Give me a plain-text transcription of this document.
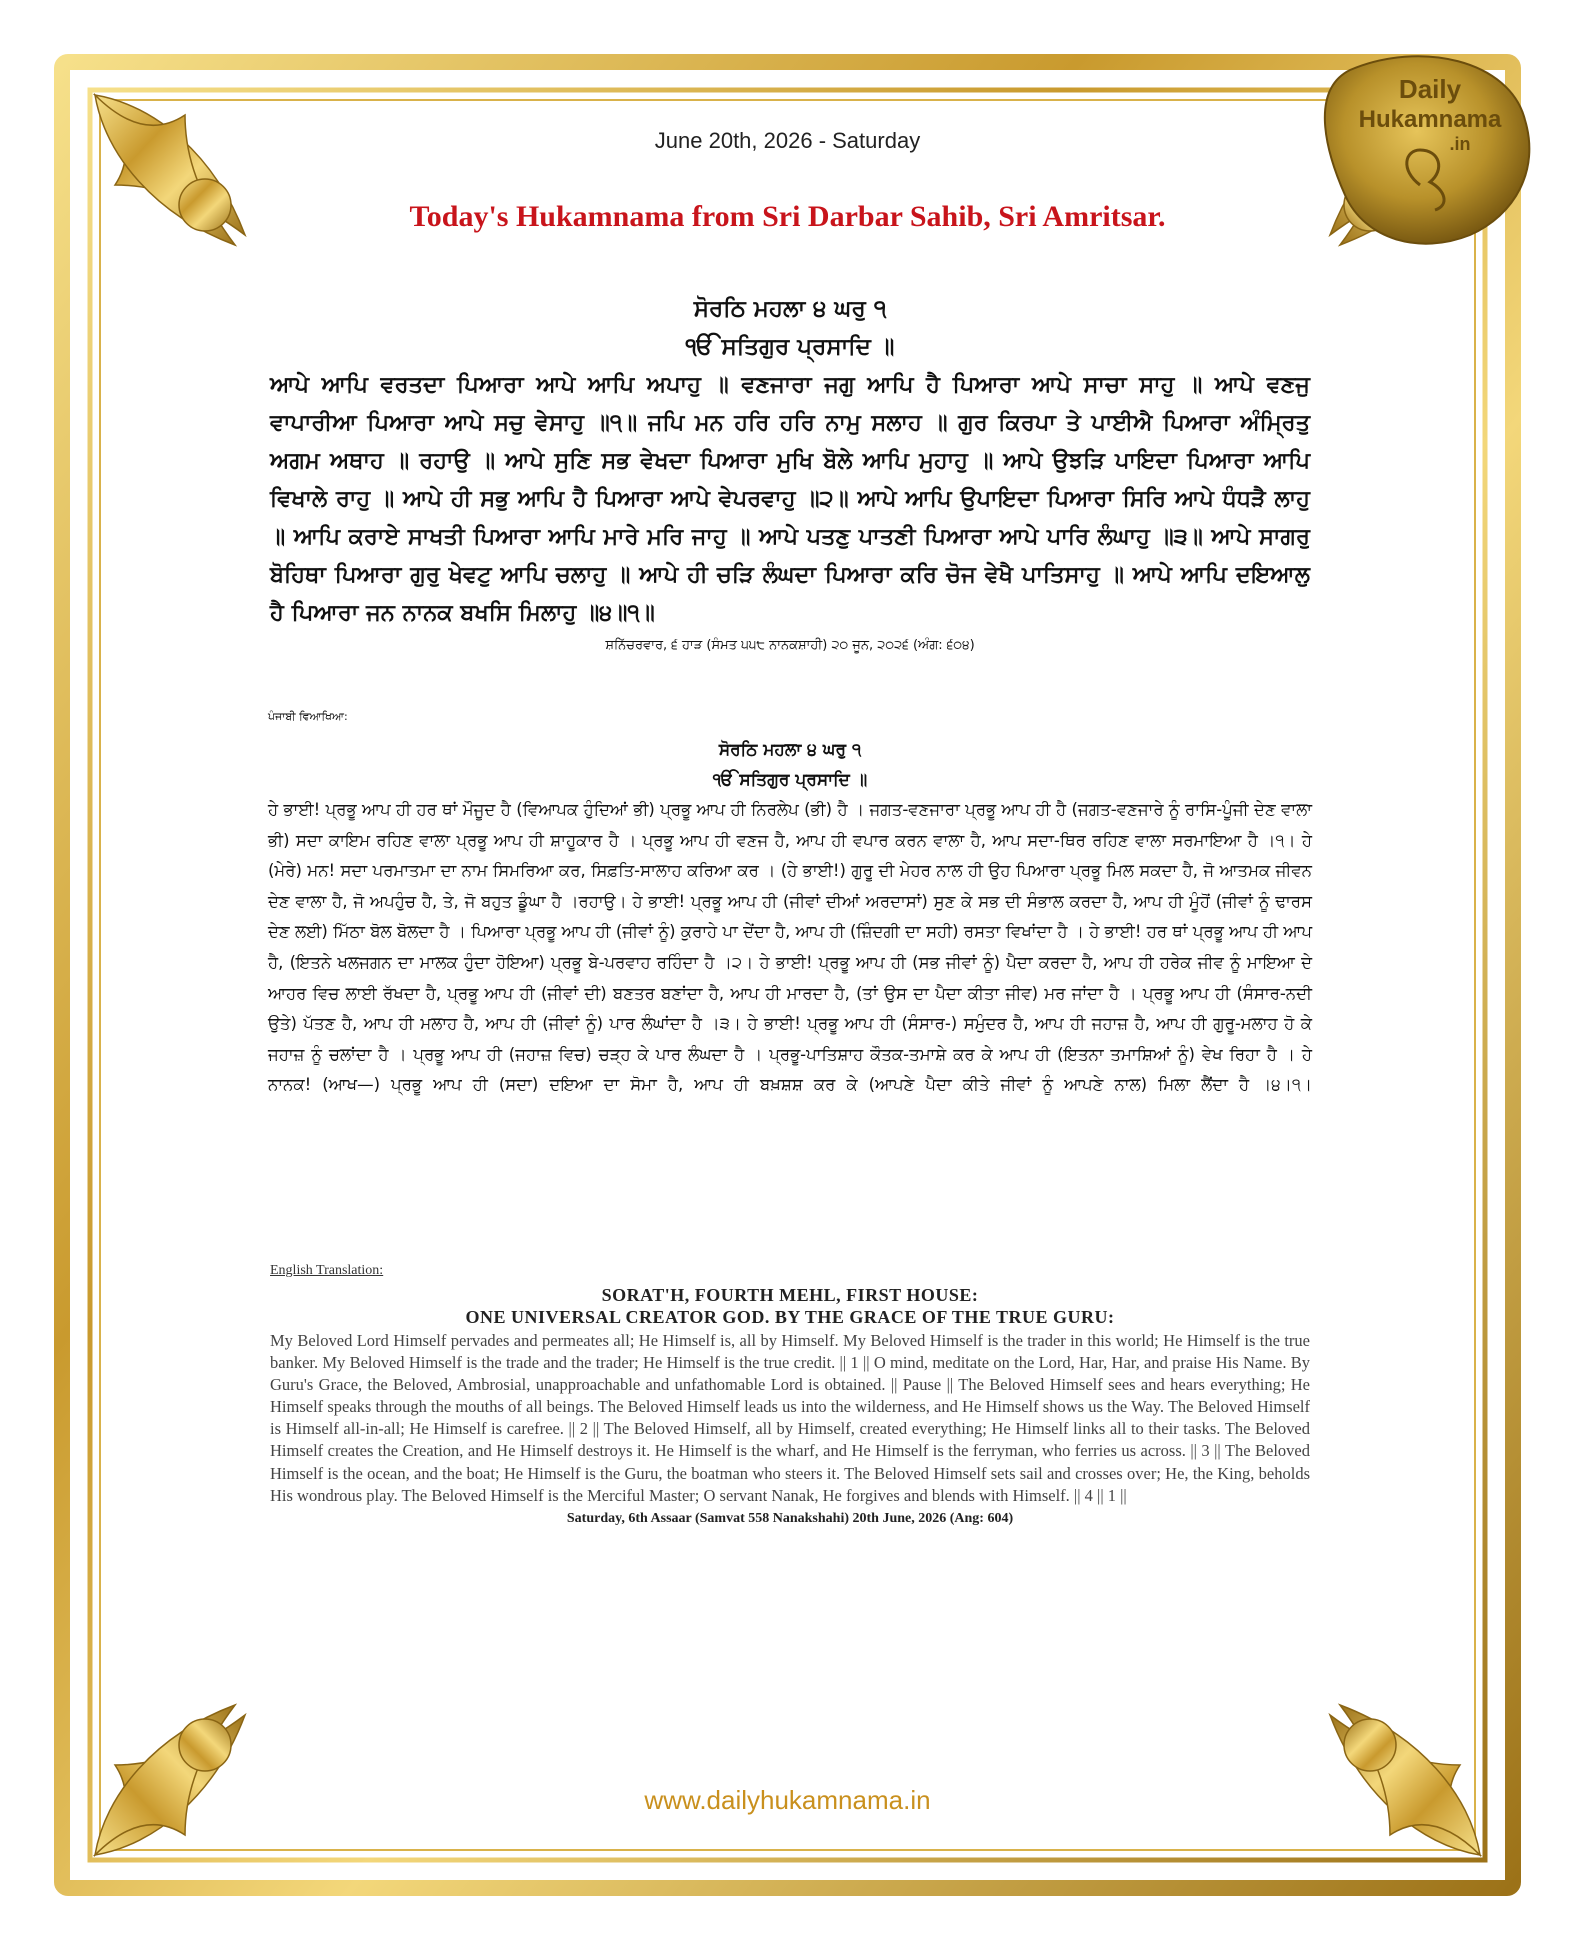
Daily
Hukamnama
.in
June 20th, 2026 - Saturday
Today's Hukamnama from Sri Darbar Sahib, Sri Amritsar.
ਸੋਰਠਿ ਮਹਲਾ ੪ ਘਰੁ ੧
ੴ ਸਤਿਗੁਰ ਪ੍ਰਸਾਦਿ ॥
ਆਪੇ ਆਪਿ ਵਰਤਦਾ ਪਿਆਰਾ ਆਪੇ ਆਪਿ ਅਪਾਹੁ ॥ ਵਣਜਾਰਾ ਜਗੁ ਆਪਿ ਹੈ ਪਿਆਰਾ ਆਪੇ ਸਾਚਾ ਸਾਹੁ ॥ ਆਪੇ ਵਣਜੁ ਵਾਪਾਰੀਆ ਪਿਆਰਾ ਆਪੇ ਸਚੁ ਵੇਸਾਹੁ ॥੧॥ ਜਪਿ ਮਨ ਹਰਿ ਹਰਿ ਨਾਮੁ ਸਲਾਹ ॥ ਗੁਰ ਕਿਰਪਾ ਤੇ ਪਾਈਐ ਪਿਆਰਾ ਅੰਮ੍ਰਿਤੁ ਅਗਮ ਅਥਾਹ ॥ ਰਹਾਉ ॥ ਆਪੇ ਸੁਣਿ ਸਭ ਵੇਖਦਾ ਪਿਆਰਾ ਮੁਖਿ ਬੋਲੇ ਆਪਿ ਮੁਹਾਹੁ ॥ ਆਪੇ ਉਝੜਿ ਪਾਇਦਾ ਪਿਆਰਾ ਆਪਿ ਵਿਖਾਲੇ ਰਾਹੁ ॥ ਆਪੇ ਹੀ ਸਭੁ ਆਪਿ ਹੈ ਪਿਆਰਾ ਆਪੇ ਵੇਪਰਵਾਹੁ ॥੨॥ ਆਪੇ ਆਪਿ ਉਪਾਇਦਾ ਪਿਆਰਾ ਸਿਰਿ ਆਪੇ ਧੰਧੜੈ ਲਾਹੁ ॥ ਆਪਿ ਕਰਾਏ ਸਾਖਤੀ ਪਿਆਰਾ ਆਪਿ ਮਾਰੇ ਮਰਿ ਜਾਹੁ ॥ ਆਪੇ ਪਤਣੁ ਪਾਤਣੀ ਪਿਆਰਾ ਆਪੇ ਪਾਰਿ ਲੰਘਾਹੁ ॥੩॥ ਆਪੇ ਸਾਗਰੁ ਬੋਹਿਥਾ ਪਿਆਰਾ ਗੁਰੁ ਖੇਵਟੁ ਆਪਿ ਚਲਾਹੁ ॥ ਆਪੇ ਹੀ ਚੜਿ ਲੰਘਦਾ ਪਿਆਰਾ ਕਰਿ ਚੋਜ ਵੇਖੈ ਪਾਤਿਸਾਹੁ ॥ ਆਪੇ ਆਪਿ ਦਇਆਲੁ ਹੈ ਪਿਆਰਾ ਜਨ ਨਾਨਕ ਬਖਸਿ ਮਿਲਾਹੁ ॥੪॥੧॥
ਸ਼ਨਿੱਚਰਵਾਰ, ੬ ਹਾੜ (ਸੰਮਤ ੫੫੮ ਨਾਨਕਸ਼ਾਹੀ) ੨੦ ਜੂਨ, ੨੦੨੬ (ਅੰਗ: ੬੦੪)
ਪੰਜਾਬੀ ਵਿਆਖਿਆ:
ਸੋਰਠਿ ਮਹਲਾ ੪ ਘਰੁ ੧
ੴ ਸਤਿਗੁਰ ਪ੍ਰਸਾਦਿ ॥
ਹੇ ਭਾਈ! ਪ੍ਰਭੂ ਆਪ ਹੀ ਹਰ ਥਾਂ ਮੌਜੂਦ ਹੈ (ਵਿਆਪਕ ਹੁੰਦਿਆਂ ਭੀ) ਪ੍ਰਭੂ ਆਪ ਹੀ ਨਿਰਲੇਪ (ਭੀ) ਹੈ । ਜਗਤ-ਵਣਜਾਰਾ ਪ੍ਰਭੂ ਆਪ ਹੀ ਹੈ (ਜਗਤ-ਵਣਜਾਰੇ ਨੂੰ ਰਾਸਿ-ਪੂੰਜੀ ਦੇਣ ਵਾਲਾ ਭੀ) ਸਦਾ ਕਾਇਮ ਰਹਿਣ ਵਾਲਾ ਪ੍ਰਭੂ ਆਪ ਹੀ ਸ਼ਾਹੂਕਾਰ ਹੈ । ਪ੍ਰਭੂ ਆਪ ਹੀ ਵਣਜ ਹੈ, ਆਪ ਹੀ ਵਪਾਰ ਕਰਨ ਵਾਲਾ ਹੈ, ਆਪ ਸਦਾ-ਥਿਰ ਰਹਿਣ ਵਾਲਾ ਸਰਮਾਇਆ ਹੈ ।੧। ਹੇ (ਮੇਰੇ) ਮਨ! ਸਦਾ ਪਰਮਾਤਮਾ ਦਾ ਨਾਮ ਸਿਮਰਿਆ ਕਰ, ਸਿਫ਼ਤਿ-ਸਾਲਾਹ ਕਰਿਆ ਕਰ । (ਹੇ ਭਾਈ!) ਗੁਰੂ ਦੀ ਮੇਹਰ ਨਾਲ ਹੀ ਉਹ ਪਿਆਰਾ ਪ੍ਰਭੂ ਮਿਲ ਸਕਦਾ ਹੈ, ਜੋ ਆਤਮਕ ਜੀਵਨ ਦੇਣ ਵਾਲਾ ਹੈ, ਜੋ ਅਪਹੁੰਚ ਹੈ, ਤੇ, ਜੋ ਬਹੁਤ ਡੂੰਘਾ ਹੈ ।ਰਹਾਉ। ਹੇ ਭਾਈ! ਪ੍ਰਭੂ ਆਪ ਹੀ (ਜੀਵਾਂ ਦੀਆਂ ਅਰਦਾਸਾਂ) ਸੁਣ ਕੇ ਸਭ ਦੀ ਸੰਭਾਲ ਕਰਦਾ ਹੈ, ਆਪ ਹੀ ਮੂੰਹੋਂ (ਜੀਵਾਂ ਨੂੰ ਢਾਰਸ ਦੇਣ ਲਈ) ਮਿੱਠਾ ਬੋਲ ਬੋਲਦਾ ਹੈ । ਪਿਆਰਾ ਪ੍ਰਭੂ ਆਪ ਹੀ (ਜੀਵਾਂ ਨੂੰ) ਕੁਰਾਹੇ ਪਾ ਦੇਂਦਾ ਹੈ, ਆਪ ਹੀ (ਜ਼ਿੰਦਗੀ ਦਾ ਸਹੀ) ਰਸਤਾ ਵਿਖਾਂਦਾ ਹੈ । ਹੇ ਭਾਈ! ਹਰ ਥਾਂ ਪ੍ਰਭੂ ਆਪ ਹੀ ਆਪ ਹੈ, (ਇਤਨੇ ਖਲਜਗਨ ਦਾ ਮਾਲਕ ਹੁੰਦਾ ਹੋਇਆ) ਪ੍ਰਭੂ ਬੇ-ਪਰਵਾਹ ਰਹਿੰਦਾ ਹੈ ।੨। ਹੇ ਭਾਈ! ਪ੍ਰਭੂ ਆਪ ਹੀ (ਸਭ ਜੀਵਾਂ ਨੂੰ) ਪੈਦਾ ਕਰਦਾ ਹੈ, ਆਪ ਹੀ ਹਰੇਕ ਜੀਵ ਨੂੰ ਮਾਇਆ ਦੇ ਆਹਰ ਵਿਚ ਲਾਈ ਰੱਖਦਾ ਹੈ, ਪ੍ਰਭੂ ਆਪ ਹੀ (ਜੀਵਾਂ ਦੀ) ਬਣਤਰ ਬਣਾਂਦਾ ਹੈ, ਆਪ ਹੀ ਮਾਰਦਾ ਹੈ, (ਤਾਂ ਉਸ ਦਾ ਪੈਦਾ ਕੀਤਾ ਜੀਵ) ਮਰ ਜਾਂਦਾ ਹੈ । ਪ੍ਰਭੂ ਆਪ ਹੀ (ਸੰਸਾਰ-ਨਦੀ ਉਤੇ) ਪੱਤਣ ਹੈ, ਆਪ ਹੀ ਮਲਾਹ ਹੈ, ਆਪ ਹੀ (ਜੀਵਾਂ ਨੂੰ) ਪਾਰ ਲੰਘਾਂਦਾ ਹੈ ।੩। ਹੇ ਭਾਈ! ਪ੍ਰਭੂ ਆਪ ਹੀ (ਸੰਸਾਰ-) ਸਮੁੰਦਰ ਹੈ, ਆਪ ਹੀ ਜਹਾਜ਼ ਹੈ, ਆਪ ਹੀ ਗੁਰੂ-ਮਲਾਹ ਹੋ ਕੇ ਜਹਾਜ਼ ਨੂੰ ਚਲਾਂਦਾ ਹੈ । ਪ੍ਰਭੂ ਆਪ ਹੀ (ਜਹਾਜ਼ ਵਿਚ) ਚੜ੍ਹ ਕੇ ਪਾਰ ਲੰਘਦਾ ਹੈ । ਪ੍ਰਭੂ-ਪਾਤਿਸ਼ਾਹ ਕੌਤਕ-ਤਮਾਸ਼ੇ ਕਰ ਕੇ ਆਪ ਹੀ (ਇਤਨਾ ਤਮਾਸ਼ਿਆਂ ਨੂੰ) ਵੇਖ ਰਿਹਾ ਹੈ । ਹੇ ਨਾਨਕ! (ਆਖ—) ਪ੍ਰਭੂ ਆਪ ਹੀ (ਸਦਾ) ਦਇਆ ਦਾ ਸੋਮਾ ਹੈ, ਆਪ ਹੀ ਬਖ਼ਸ਼ਸ਼ ਕਰ ਕੇ (ਆਪਣੇ ਪੈਦਾ ਕੀਤੇ ਜੀਵਾਂ ਨੂੰ ਆਪਣੇ ਨਾਲ) ਮਿਲਾ ਲੈਂਦਾ ਹੈ ।੪।੧।
English Translation:
SORAT'H, FOURTH MEHL, FIRST HOUSE:
ONE UNIVERSAL CREATOR GOD. BY THE GRACE OF THE TRUE GURU:
My Beloved Lord Himself pervades and permeates all; He Himself is, all by Himself. My Beloved Himself is the trader in this world; He Himself is the true banker. My Beloved Himself is the trade and the trader; He Himself is the true credit. || 1 || O mind, meditate on the Lord, Har, Har, and praise His Name. By Guru's Grace, the Beloved, Ambrosial, unapproachable and unfathomable Lord is obtained. || Pause || The Beloved Himself sees and hears everything; He Himself speaks through the mouths of all beings. The Beloved Himself leads us into the wilderness, and He Himself shows us the Way. The Beloved Himself is Himself all-in-all; He Himself is carefree. || 2 || The Beloved Himself, all by Himself, created everything; He Himself links all to their tasks. The Beloved Himself creates the Creation, and He Himself destroys it. He Himself is the wharf, and He Himself is the ferryman, who ferries us across. || 3 || The Beloved Himself is the ocean, and the boat; He Himself is the Guru, the boatman who steers it. The Beloved Himself sets sail and crosses over; He, the King, beholds His wondrous play. The Beloved Himself is the Merciful Master; O servant Nanak, He forgives and blends with Himself. || 4 || 1 ||
Saturday, 6th Assaar (Samvat 558 Nanakshahi) 20th June, 2026 (Ang: 604)
www.dailyhukamnama.in
